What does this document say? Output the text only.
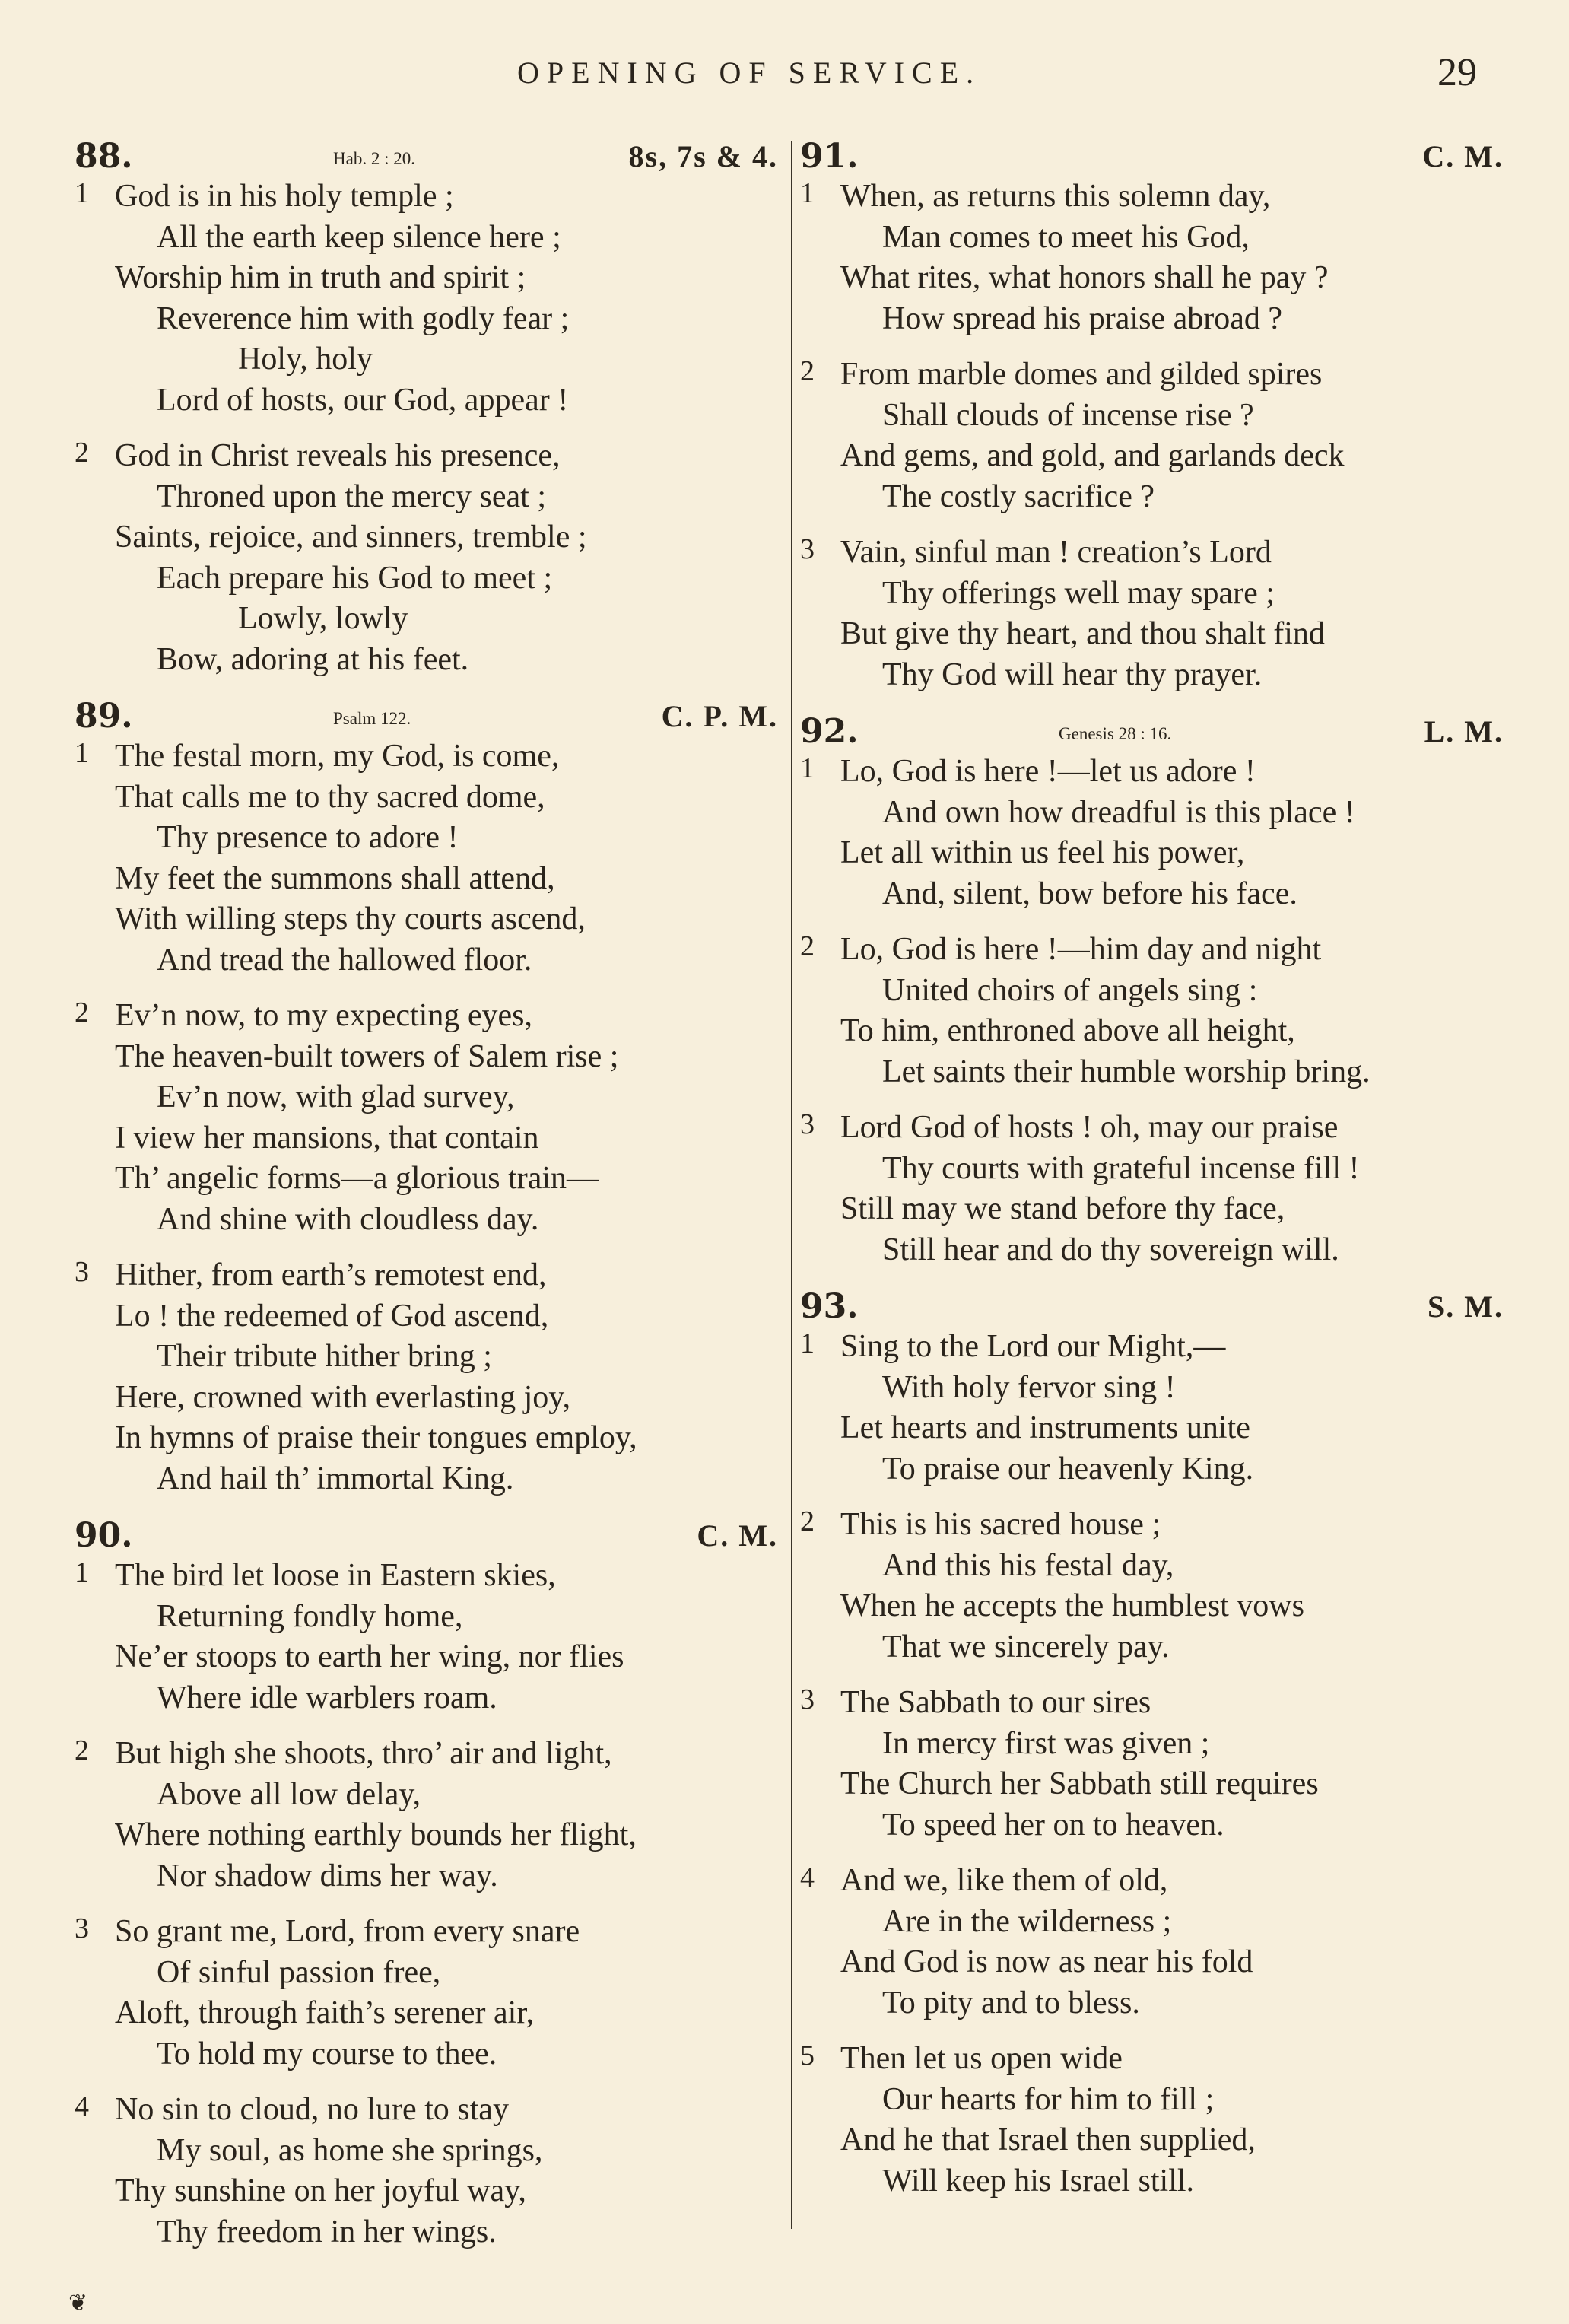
OPENING OF SERVICE.	29
88.	Hab. 2 : 20.	8s, 7s & 4.
1 God is in his holy temple ;
All the earth keep silence here ;
Worship him in truth and spirit ;
Reverence him with godly fear ;
Holy, holy
Lord of hosts, our God, appear !
2 God in Christ reveals his presence,
Throned upon the mercy seat ;
Saints, rejoice, and sinners, tremble ;
Each prepare his God to meet ;
Lowly, lowly
Bow, adoring at his feet.
89.	Psalm 122.	C. P. M.
1 The festal morn, my God, is come,
That calls me to thy sacred dome,
Thy presence to adore !
My feet the summons shall attend,
With willing steps thy courts ascend,
And tread the hallowed floor.
2 Ev’n now, to my expecting eyes,
The heaven-built towers of Salem rise ;
Ev’n now, with glad survey,
I view her mansions, that contain
Th’ angelic forms—a glorious train—
And shine with cloudless day.
3 Hither, from earth’s remotest end,
Lo ! the redeemed of God ascend,
Their tribute hither bring ;
Here, crowned with everlasting joy,
In hymns of praise their tongues employ,
And hail th’ immortal King.
90.	C. M.
1 The bird let loose in Eastern skies,
Returning fondly home,
Ne’er stoops to earth her wing, nor flies
Where idle warblers roam.
2 But high she shoots, thro’ air and light,
Above all low delay,
Where nothing earthly bounds her flight,
Nor shadow dims her way.
3 So grant me, Lord, from every snare
Of sinful passion free,
Aloft, through faith’s serener air,
To hold my course to thee.
4 No sin to cloud, no lure to stay
My soul, as home she springs,
Thy sunshine on her joyful way,
Thy freedom in her wings.
91.	C. M.
1 When, as returns this solemn day,
Man comes to meet his God,
What rites, what honors shall he pay ?
How spread his praise abroad ?
2 From marble domes and gilded spires
Shall clouds of incense rise ?
And gems, and gold, and garlands deck
The costly sacrifice ?
3 Vain, sinful man ! creation’s Lord
Thy offerings well may spare ;
But give thy heart, and thou shalt find
Thy God will hear thy prayer.
92.	Genesis 28 : 16.	L. M.
1 Lo, God is here !—let us adore !
And own how dreadful is this place !
Let all within us feel his power,
And, silent, bow before his face.
2 Lo, God is here !—him day and night
United choirs of angels sing :
To him, enthroned above all height,
Let saints their humble worship bring.
3 Lord God of hosts ! oh, may our praise
Thy courts with grateful incense fill !
Still may we stand before thy face,
Still hear and do thy sovereign will.
93.	S. M.
1 Sing to the Lord our Might,—
With holy fervor sing !
Let hearts and instruments unite
To praise our heavenly King.
2 This is his sacred house ;
And this his festal day,
When he accepts the humblest vows
That we sincerely pay.
3 The Sabbath to our sires
In mercy first was given ;
The Church her Sabbath still requires
To speed her on to heaven.
4 And we, like them of old,
Are in the wilderness ;
And God is now as near his fold
To pity and to bless.
5 Then let us open wide
Our hearts for him to fill ;
And he that Israel then supplied,
Will keep his Israel still.
❦
